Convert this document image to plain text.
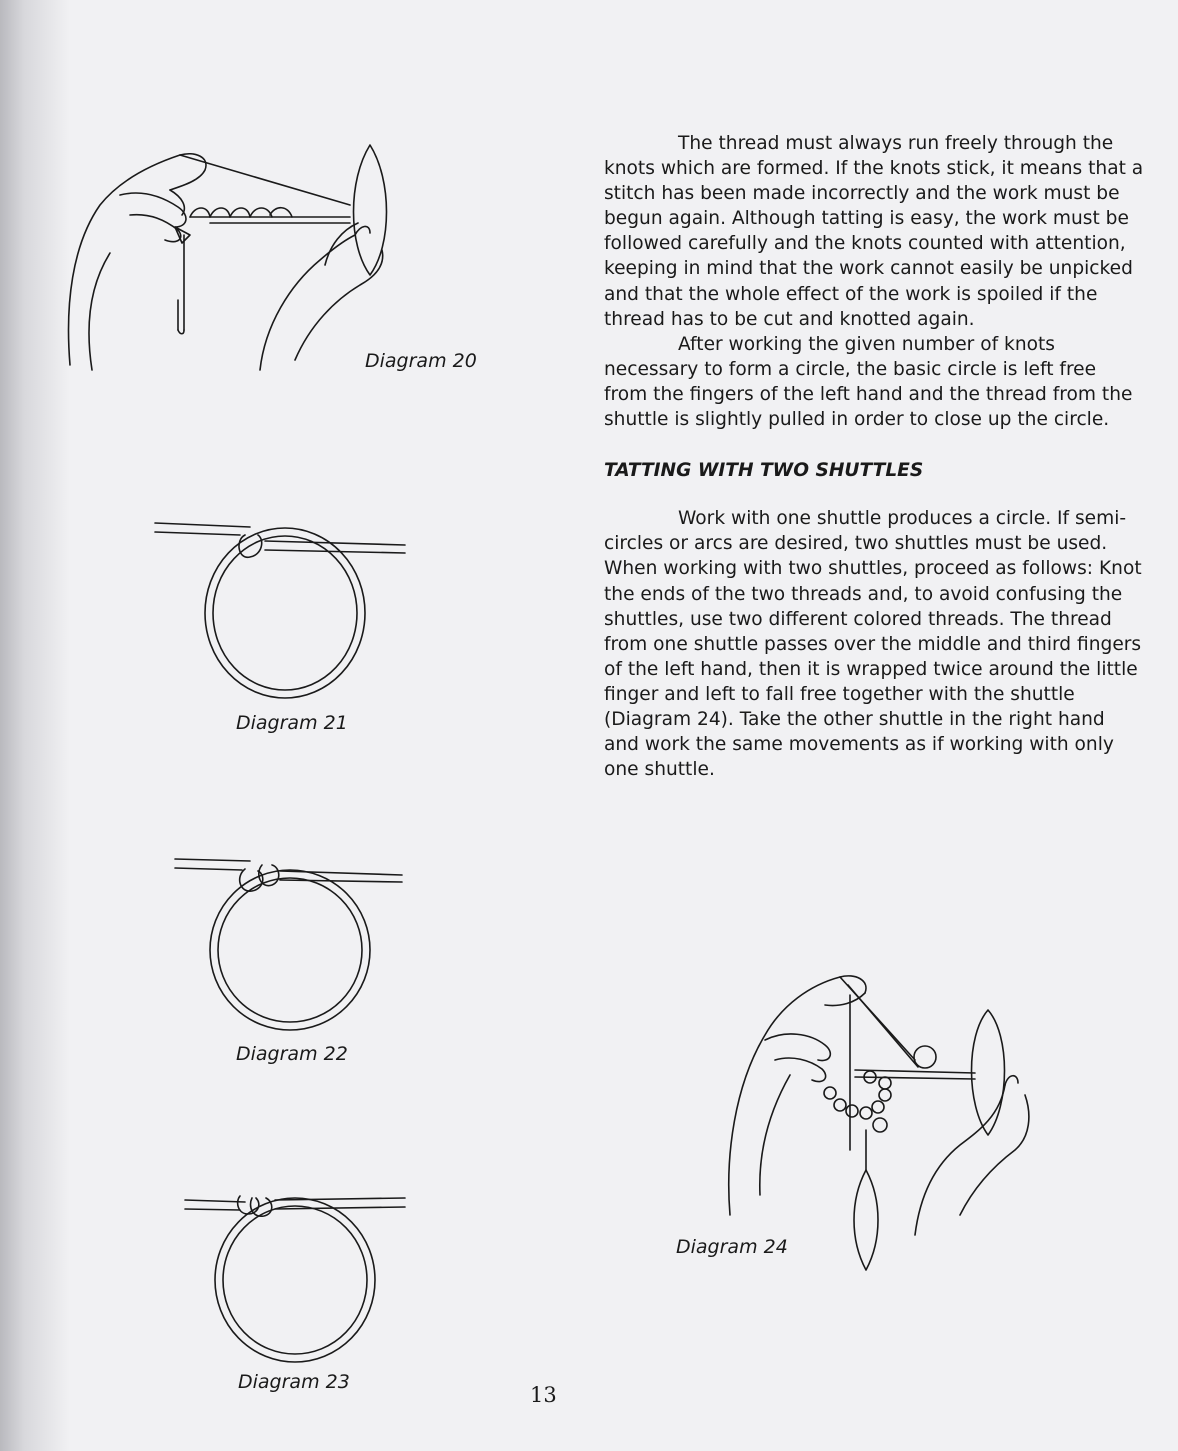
Diagram 20
Diagram 21
Diagram 22
Diagram 23

The thread must always run freely through the knots which are formed. If the knots stick, it means that a stitch has been made incorrectly and the work must be begun again. Although tatting is easy, the work must be followed carefully and the knots counted with attention, keeping in mind that the work cannot easily be unpicked and that the whole effect of the work is spoiled if the thread has to be cut and knotted again.

After working the given number of knots necessary to form a circle, the basic circle is left free from the fingers of the left hand and the thread from the shuttle is slightly pulled in order to close up the circle.

TATTING WITH TWO SHUTTLES

Work with one shuttle produces a circle. If semi-circles or arcs are desired, two shuttles must be used. When working with two shuttles, proceed as follows: Knot the ends of the two threads and, to avoid confusing the shuttles, use two different colored threads. The thread from one shuttle passes over the middle and third fingers of the left hand, then it is wrapped twice around the little finger and left to fall free together with the shuttle (Diagram 24). Take the other shuttle in the right hand and work the same movements as if working with only one shuttle.

Diagram 24
13
